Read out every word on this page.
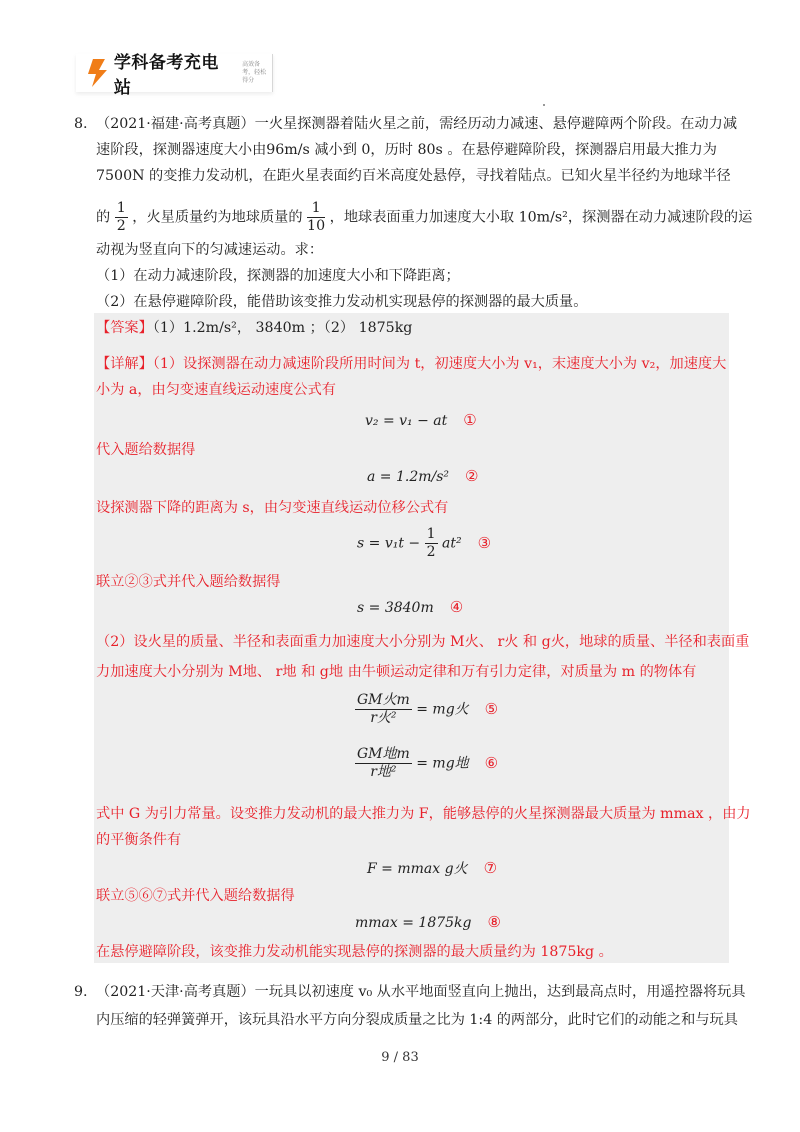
学科备考充电站
高效备考，轻松得分
8. （2021·福建·高考真题）一火星探测器着陆火星之前，需经历动力减速、悬停避障两个阶段。在动力减
速阶段，探测器速度大小由96m/s 减小到 0，历时 80s 。在悬停避障阶段，探测器启用最大推力为
7500N 的变推力发动机，在距火星表面约百米高度处悬停，寻找着陆点。已知火星半径约为地球半径
的 $\frac{1}{2}$ ，火星质量约为地球质量的 $\frac{1}{10}$ ，地球表面重力加速度大小取 10m/s²，探测器在动力减速阶段的运
动视为竖直向下的匀减速运动。求：
（1）在动力减速阶段，探测器的加速度大小和下降距离；
（2）在悬停避障阶段，能借助该变推力发动机实现悬停的探测器的最大质量。
【答案】（1）1.2m/s²， 3840m ；（2） 1875kg
【详解】（1）设探测器在动力减速阶段所用时间为 t，初速度大小为 v₁，末速度大小为 v₂，加速度大
小为 a，由匀变速直线运动速度公式有
v₂ = v₁ − at ①
代入题给数据得
a = 1.2m/s² ②
设探测器下降的距离为 s，由匀变速直线运动位移公式有
$s = v_1t - \frac{1}{2} at^2$ ③
联立②③式并代入题给数据得
s = 3840m ④
（2）设火星的质量、半径和表面重力加速度大小分别为 M火、 r火 和 g火，地球的质量、半径和表面重
力加速度大小分别为 M地、 r地 和 g地 由牛顿运动定律和万有引力定律，对质量为 m 的物体有
$\frac{\text{GM火m}}{\text{r火²}}$ = mg火 ⑤
$\frac{\text{GM地m}}{\text{r地²}}$ = mg地 ⑥
式中 G 为引力常量。设变推力发动机的最大推力为 F，能够悬停的火星探测器最大质量为 mmax ，由力
的平衡条件有
F = mmax g火 ⑦
联立⑤⑥⑦式并代入题给数据得
mmax = 1875kg ⑧
在悬停避障阶段，该变推力发动机能实现悬停的探测器的最大质量约为 1875kg 。
9. （2021·天津·高考真题）一玩具以初速度 v₀ 从水平地面竖直向上抛出，达到最高点时，用遥控器将玩具
内压缩的轻弹簧弹开，该玩具沿水平方向分裂成质量之比为 1:4 的两部分，此时它们的动能之和与玩具
9 / 83
